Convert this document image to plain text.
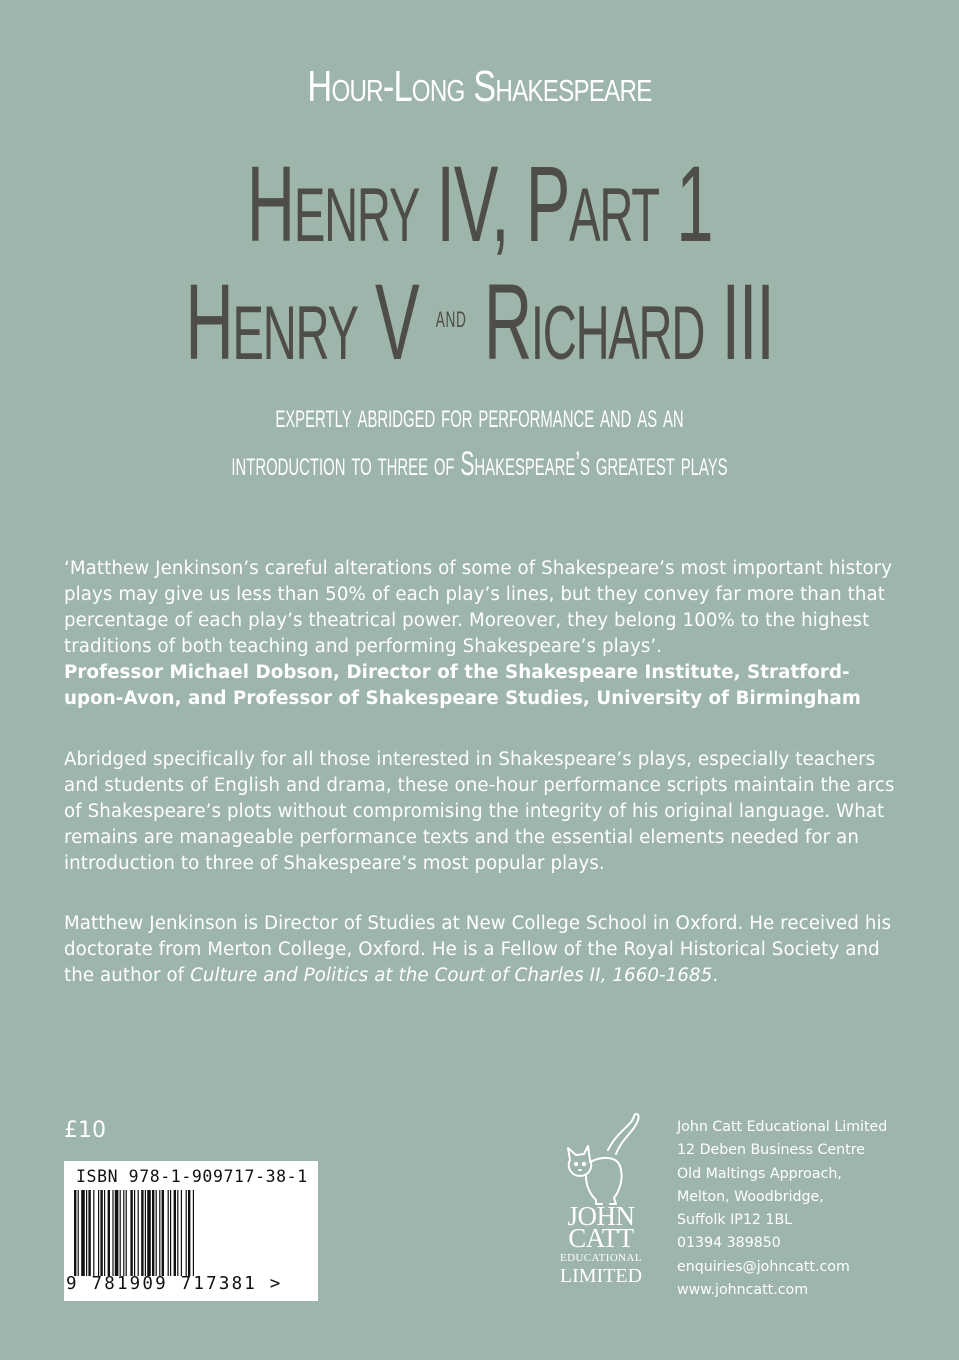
Hour-Long Shakespeare
Henry IV, Part 1
Henry V and Richard III
expertly abridged for performance and as an
introduction to three of Shakespeare’s greatest plays
‘Matthew Jenkinson’s careful alterations of some of Shakespeare’s most important history plays may give us less than 50% of each play’s lines, but they convey far more than that percentage of each play’s theatrical power. Moreover, they belong 100% to the highest traditions of both teaching and performing Shakespeare’s plays’.
Professor Michael Dobson, Director of the Shakespeare Institute, Stratford-upon-Avon, and Professor of Shakespeare Studies, University of Birmingham
Abridged specifically for all those interested in Shakespeare’s plays, especially teachers and students of English and drama, these one-hour performance scripts maintain the arcs of Shakespeare’s plots without compromising the integrity of his original language. What remains are manageable performance texts and the essential elements needed for an introduction to three of Shakespeare’s most popular plays.
Matthew Jenkinson is Director of Studies at New College School in Oxford. He received his doctorate from Merton College, Oxford. He is a Fellow of the Royal Historical Society and the author of Culture and Politics at the Court of Charles II, 1660-1685.
£10
ISBN 978-1-909717-38-1
9 781909 717381 >
JOHN
CATT
EDUCATIONAL
LIMITED
John Catt Educational Limited
12 Deben Business Centre
Old Maltings Approach,
Melton, Woodbridge,
Suffolk IP12 1BL
01394 389850
enquiries@johncatt.com
www.johncatt.com
